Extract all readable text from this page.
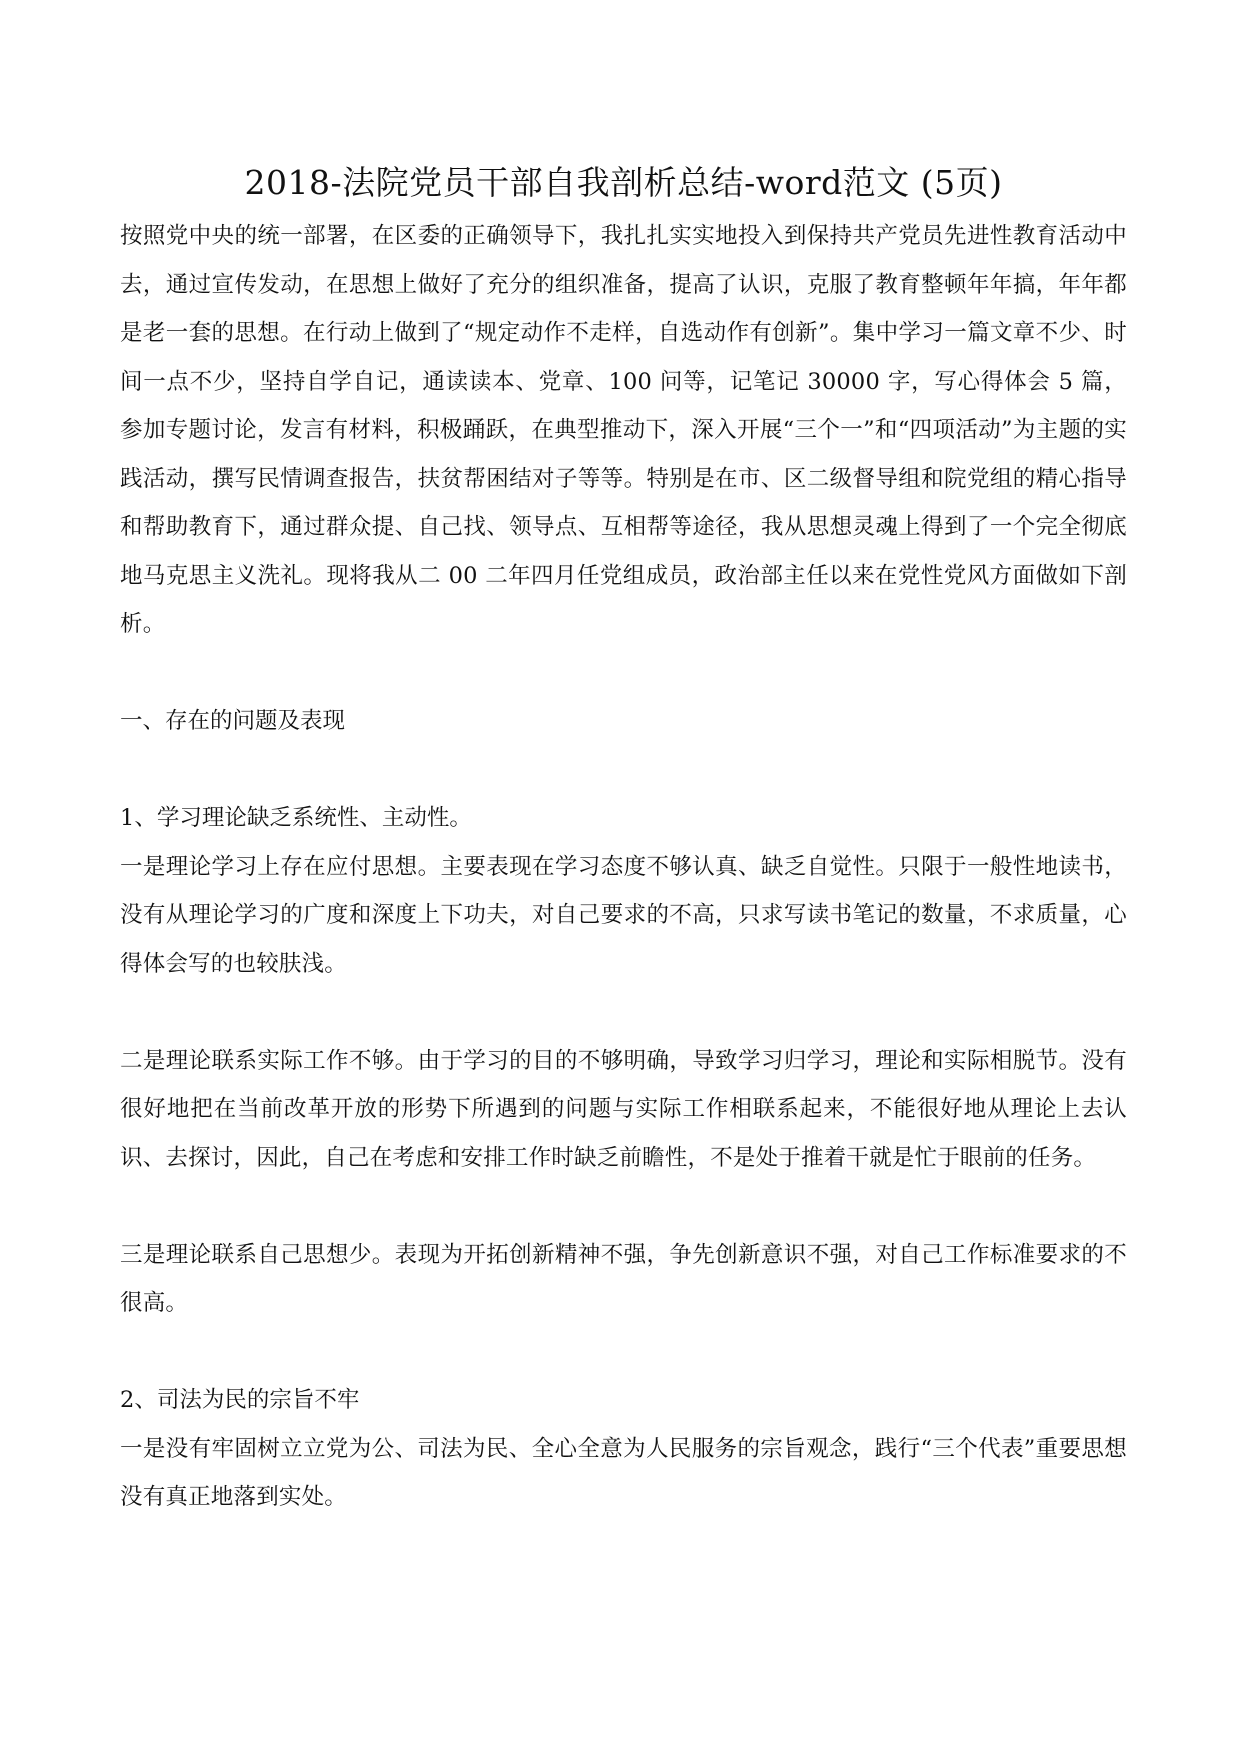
2018-法院党员干部自我剖析总结-word范文 (5页)

按照党中央的统一部署，在区委的正确领导下，我扎扎实实地投入到保持共产党员先进性教育活动中去，通过宣传发动，在思想上做好了充分的组织准备，提高了认识，克服了教育整顿年年搞，年年都是老一套的思想。在行动上做到了“规定动作不走样，自选动作有创新”。集中学习一篇文章不少、时间一点不少，坚持自学自记，通读读本、党章、100 问等，记笔记 30000 字，写心得体会 5 篇，参加专题讨论，发言有材料，积极踊跃，在典型推动下，深入开展“三个一”和“四项活动”为主题的实践活动，撰写民情调查报告，扶贫帮困结对子等等。特别是在市、区二级督导组和院党组的精心指导和帮助教育下，通过群众提、自己找、领导点、互相帮等途径，我从思想灵魂上得到了一个完全彻底地马克思主义洗礼。现将我从二 00 二年四月任党组成员，政治部主任以来在党性党风方面做如下剖析。

一、存在的问题及表现

1、学习理论缺乏系统性、主动性。

一是理论学习上存在应付思想。主要表现在学习态度不够认真、缺乏自觉性。只限于一般性地读书，没有从理论学习的广度和深度上下功夫，对自己要求的不高，只求写读书笔记的数量，不求质量，心得体会写的也较肤浅。

二是理论联系实际工作不够。由于学习的目的不够明确，导致学习归学习，理论和实际相脱节。没有很好地把在当前改革开放的形势下所遇到的问题与实际工作相联系起来，不能很好地从理论上去认识、去探讨，因此，自己在考虑和安排工作时缺乏前瞻性，不是处于推着干就是忙于眼前的任务。

三是理论联系自己思想少。表现为开拓创新精神不强，争先创新意识不强，对自己工作标准要求的不很高。

2、司法为民的宗旨不牢

一是没有牢固树立立党为公、司法为民、全心全意为人民服务的宗旨观念，践行“三个代表”重要思想没有真正地落到实处。
